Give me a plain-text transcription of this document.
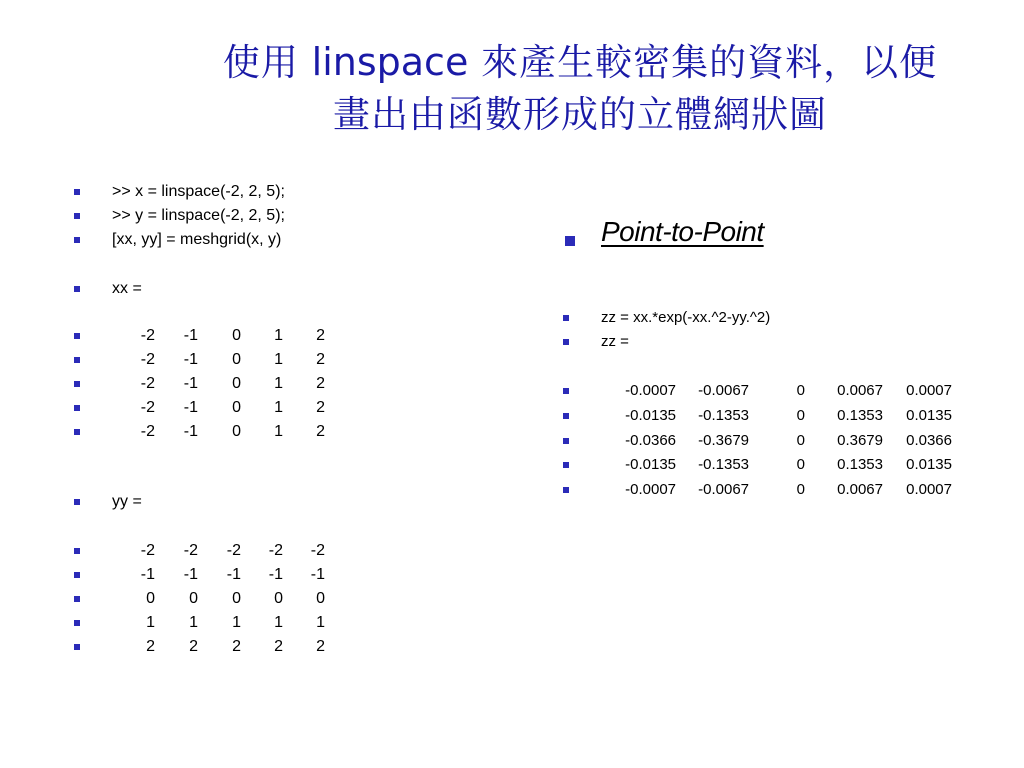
使用 linspace 來產生較密集的資料，以便
畫出由函數形成的立體網狀圖
>> x = linspace(-2, 2, 5);
>> y = linspace(-2, 2, 5);
[xx, yy] = meshgrid(x, y)
xx =
-2	-1	0	1	2
-2	-1	0	1	2
-2	-1	0	1	2
-2	-1	0	1	2
-2	-1	0	1	2
yy =
-2	-2	-2	-2	-2
-1	-1	-1	-1	-1
0	0	0	0	0
1	1	1	1	1
2	2	2	2	2
Point-to-Point
zz = xx.*exp(-xx.^2-yy.^2)
zz =
-0.0007	-0.0067	0	0.0067	0.0007
-0.0135	-0.1353	0	0.1353	0.0135
-0.0366	-0.3679	0	0.3679	0.0366
-0.0135	-0.1353	0	0.1353	0.0135
-0.0007	-0.0067	0	0.0067	0.0007
